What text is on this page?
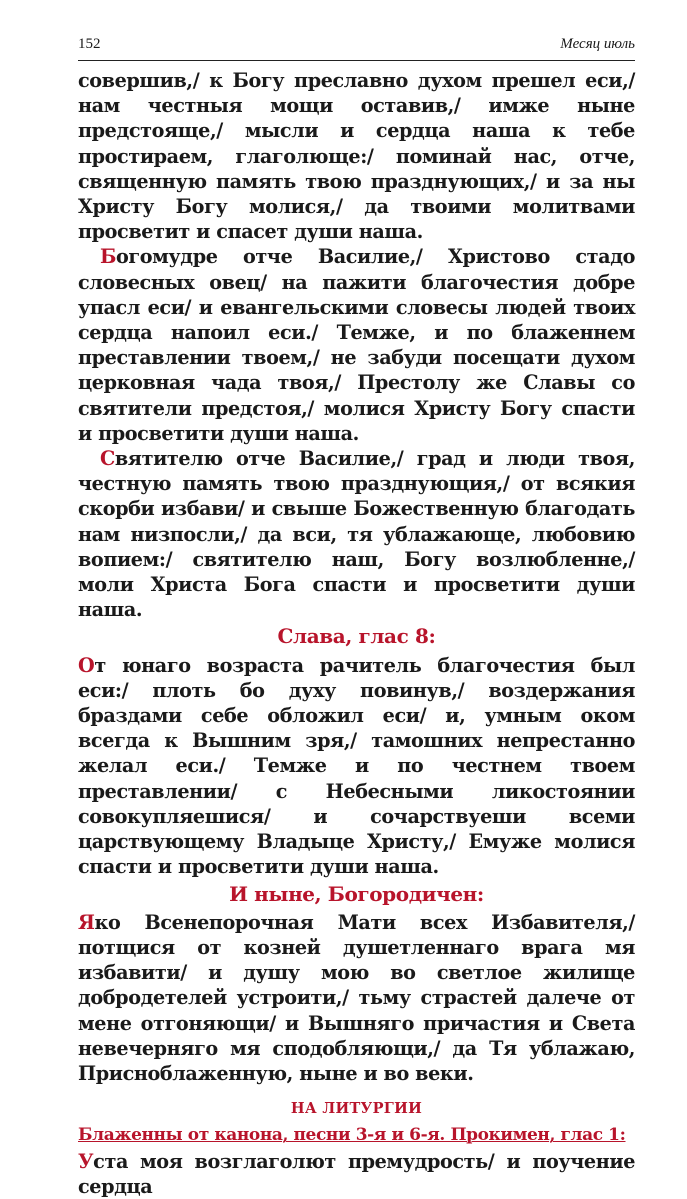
152	Месяц июль

совершив,/ к Богу преславно духом прешел еси,/ нам честныя мощи оставив,/ имже ныне предстояще,/ мысли и сердца наша к тебе простираем, глаголюще:/ поминай нас, отче, священную память твою празднующих,/ и за ны Христу Богу молися,/ да твоими молитвами просветит и спасет души наша.

Богомудре отче Василие,/ Христово стадо словесных овец/ на пажити благочестия добре упасл еси/ и евангельскими словесы людей твоих сердца напоил еси./ Темже, и по блаженнем преставлении твоем,/ не забуди посещати духом церковная чада твоя,/ Престолу же Славы со святители предстоя,/ молися Христу Богу спасти и просветити души наша.

Святителю отче Василие,/ град и люди твоя, честную память твою празднующия,/ от всякия скорби избави/ и свыше Божественную благодать нам низпосли,/ да вси, тя ублажающе, любовию вопием:/ святителю наш, Богу возлюбленне,/ моли Христа Бога спасти и просветити души наша.

Слава, глас 8:

От юнаго возраста рачитель благочестия был еси:/ плоть бо духу повинув,/ воздержания браздами себе обложил еси/ и, умным оком всегда к Вышним зря,/ тамошних непрестанно желал еси./ Темже и по честнем твоем преставлении/ с Небесными ликостоянии совокупляешися/ и сочарствуеши всеми царствующему Владыце Христу,/ Емуже молися спасти и просветити души наша.

И ныне, Богородичен:

Яко Всенепорочная Мати всех Избавителя,/ потщися от козней душетленнаго врага мя избавити/ и душу мою во светлое жилище добродетелей устроити,/ тьму страстей далече от мене отгоняющи/ и Вышняго причастия и Света невечерняго мя сподобляющи,/ да Тя ублажаю, Присноблаженную, ныне и во веки.

НА ЛИТУРГИИ
Блаженны от канона, песни 3-я и 6-я. Прокимен, глас 1:

Уста моя возглаголют премудрость/ и поучение сердца
